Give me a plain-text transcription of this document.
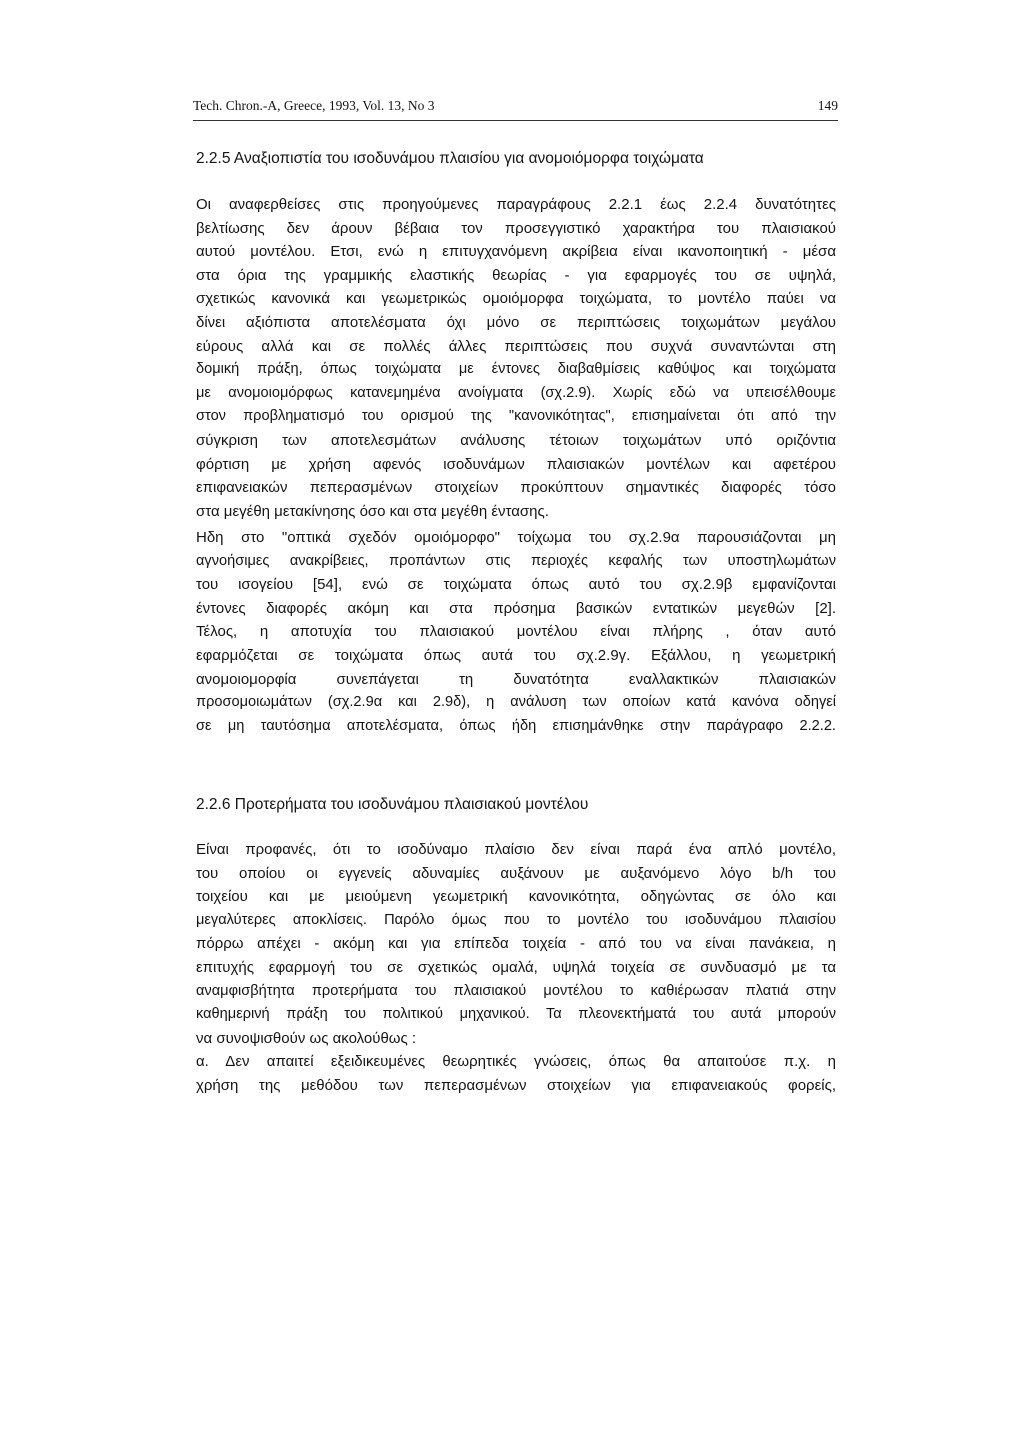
Tech. Chron.-A, Greece, 1993, Vol. 13, No 3	149
2.2.5 Αναξιοπιστία του ισοδυνάμου πλαισίου για ανομοιόμορφα τοιχώματα
Οι αναφερθείσες στις προηγούμενες παραγράφους 2.2.1 έως 2.2.4 δυνατότητες
βελτίωσης δεν άρουν βέβαια τον προσεγγιστικό χαρακτήρα του πλαισιακού
αυτού μοντέλου. Ετσι, ενώ η επιτυγχανόμενη ακρίβεια είναι ικανοποιητική - μέσα
στα όρια της γραμμικής ελαστικής θεωρίας - για εφαρμογές του σε υψηλά,
σχετικώς κανονικά και γεωμετρικώς ομοιόμορφα τοιχώματα, το μοντέλο παύει να
δίνει αξιόπιστα αποτελέσματα όχι μόνο σε περιπτώσεις τοιχωμάτων μεγάλου
εύρους αλλά και σε πολλές άλλες περιπτώσεις που συχνά συναντώνται στη
δομική πράξη, όπως τοιχώματα με έντονες διαβαθμίσεις καθύψος και τοιχώματα
με ανομοιομόρφως κατανεμημένα ανοίγματα (σχ.2.9). Χωρίς εδώ να υπεισέλθουμε
στον προβληματισμό του ορισμού της "κανονικότητας", επισημαίνεται ότι από την
σύγκριση των αποτελεσμάτων ανάλυσης τέτοιων τοιχωμάτων υπό οριζόντια
φόρτιση με χρήση αφενός ισοδυνάμων πλαισιακών μοντέλων και αφετέρου
επιφανειακών πεπερασμένων στοιχείων προκύπτουν σημαντικές διαφορές τόσο
στα μεγέθη μετακίνησης όσο και στα μεγέθη έντασης.
Ηδη στο "οπτικά σχεδόν ομοιόμορφο" τοίχωμα του σχ.2.9α παρουσιάζονται μη
αγνοήσιμες ανακρίβειες, προπάντων στις περιοχές κεφαλής των υποστηλωμάτων
του ισογείου [54], ενώ σε τοιχώματα όπως αυτό του σχ.2.9β εμφανίζονται
έντονες διαφορές ακόμη και στα πρόσημα βασικών εντατικών μεγεθών [2].
Τέλος, η αποτυχία του πλαισιακού μοντέλου είναι πλήρης , όταν αυτό
εφαρμόζεται σε τοιχώματα όπως αυτά του σχ.2.9γ. Εξάλλου, η γεωμετρική
ανομοιομορφία συνεπάγεται τη δυνατότητα εναλλακτικών πλαισιακών
προσομοιωμάτων (σχ.2.9α και 2.9δ), η ανάλυση των οποίων κατά κανόνα οδηγεί
σε μη ταυτόσημα αποτελέσματα, όπως ήδη επισημάνθηκε στην παράγραφο 2.2.2.
2.2.6 Προτερήματα του ισοδυνάμου πλαισιακού μοντέλου
Είναι προφανές, ότι το ισοδύναμο πλαίσιο δεν είναι παρά ένα απλό μοντέλο,
του οποίου οι εγγενείς αδυναμίες αυξάνουν με αυξανόμενο λόγο b/h του
τοιχείου και με μειούμενη γεωμετρική κανονικότητα, οδηγώντας σε όλο και
μεγαλύτερες αποκλίσεις. Παρόλο όμως που το μοντέλο του ισοδυνάμου πλαισίου
πόρρω απέχει - ακόμη και για επίπεδα τοιχεία - από του να είναι πανάκεια, η
επιτυχής εφαρμογή του σε σχετικώς ομαλά, υψηλά τοιχεία σε συνδυασμό με τα
αναμφισβήτητα προτερήματα του πλαισιακού μοντέλου το καθιέρωσαν πλατιά στην
καθημερινή πράξη του πολιτικού μηχανικού. Τα πλεονεκτήματά του αυτά μπορούν
να συνοψισθούν ως ακολούθως :
α. Δεν απαιτεί εξειδικευμένες θεωρητικές γνώσεις, όπως θα απαιτούσε π.χ. η
χρήση της μεθόδου των πεπερασμένων στοιχείων για επιφανειακούς φορείς,
